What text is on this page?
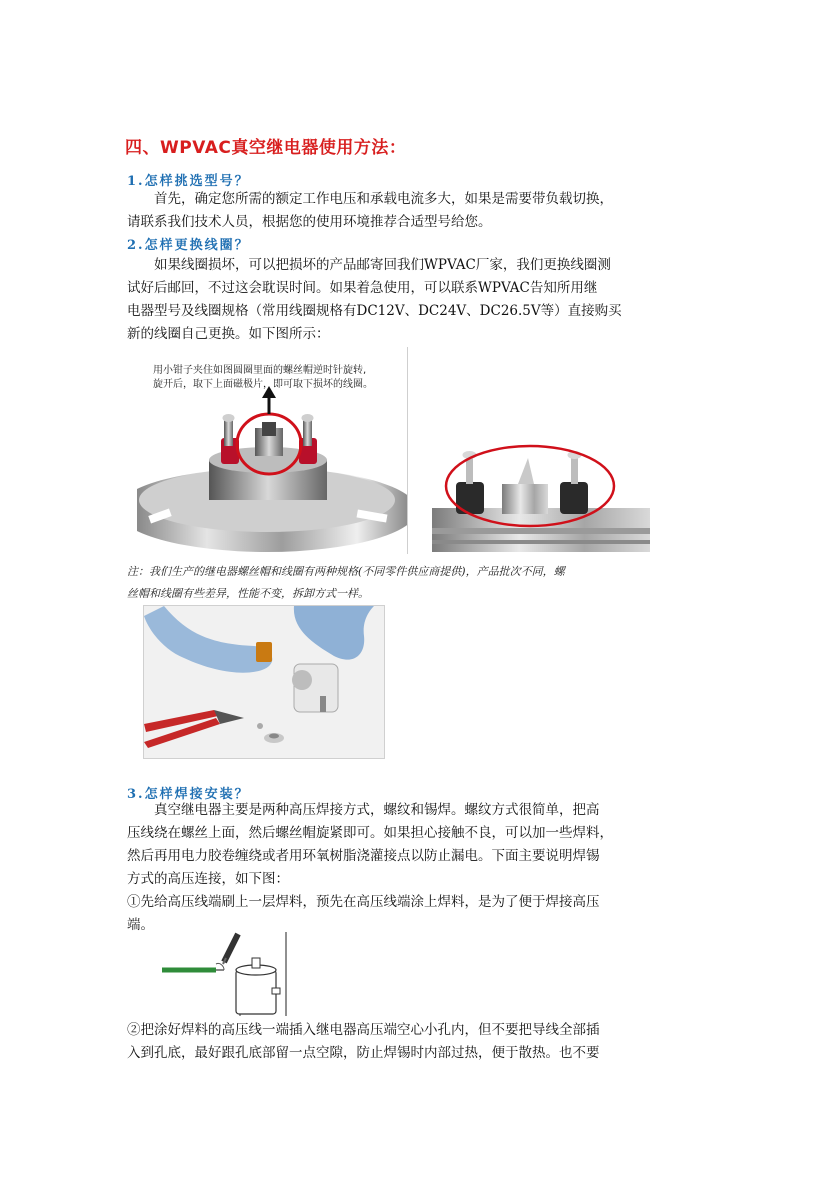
四、WPVAC真空继电器使用方法：
1.怎样挑选型号？
首先，确定您所需的额定工作电压和承载电流多大，如果是需要带负载切换，
请联系我们技术人员，根据您的使用环境推荐合适型号给您。
2.怎样更换线圈？
如果线圈损坏，可以把损坏的产品邮寄回我们WPVAC厂家，我们更换线圈测
试好后邮回，不过这会耽误时间。如果着急使用，可以联系WPVAC告知所用继
电器型号及线圈规格（常用线圈规格有DC12V、DC24V、DC26.5V等）直接购买
新的线圈自己更换。如下图所示：
用小钳子夹住如图圆圈里面的螺丝帽逆时针旋转,
旋开后，取下上面磁极片，即可取下损坏的线圈。
注：我们生产的继电器螺丝帽和线圈有两种规格(不同零件供应商提供)，产品批次不同，螺
丝帽和线圈有些差异，性能不变，拆卸方式一样。
3.怎样焊接安装？
真空继电器主要是两种高压焊接方式，螺纹和锡焊。螺纹方式很简单，把高
压线绕在螺丝上面，然后螺丝帽旋紧即可。如果担心接触不良，可以加一些焊料，
然后再用电力胶卷缠绕或者用环氧树脂浇灌接点以防止漏电。下面主要说明焊锡
方式的高压连接，如下图：
①先给高压线端刷上一层焊料，预先在高压线端涂上焊料，是为了便于焊接高压
端。
②把涂好焊料的高压线一端插入继电器高压端空心小孔内，但不要把导线全部插
入到孔底，最好跟孔底部留一点空隙，防止焊锡时内部过热，便于散热。也不要
